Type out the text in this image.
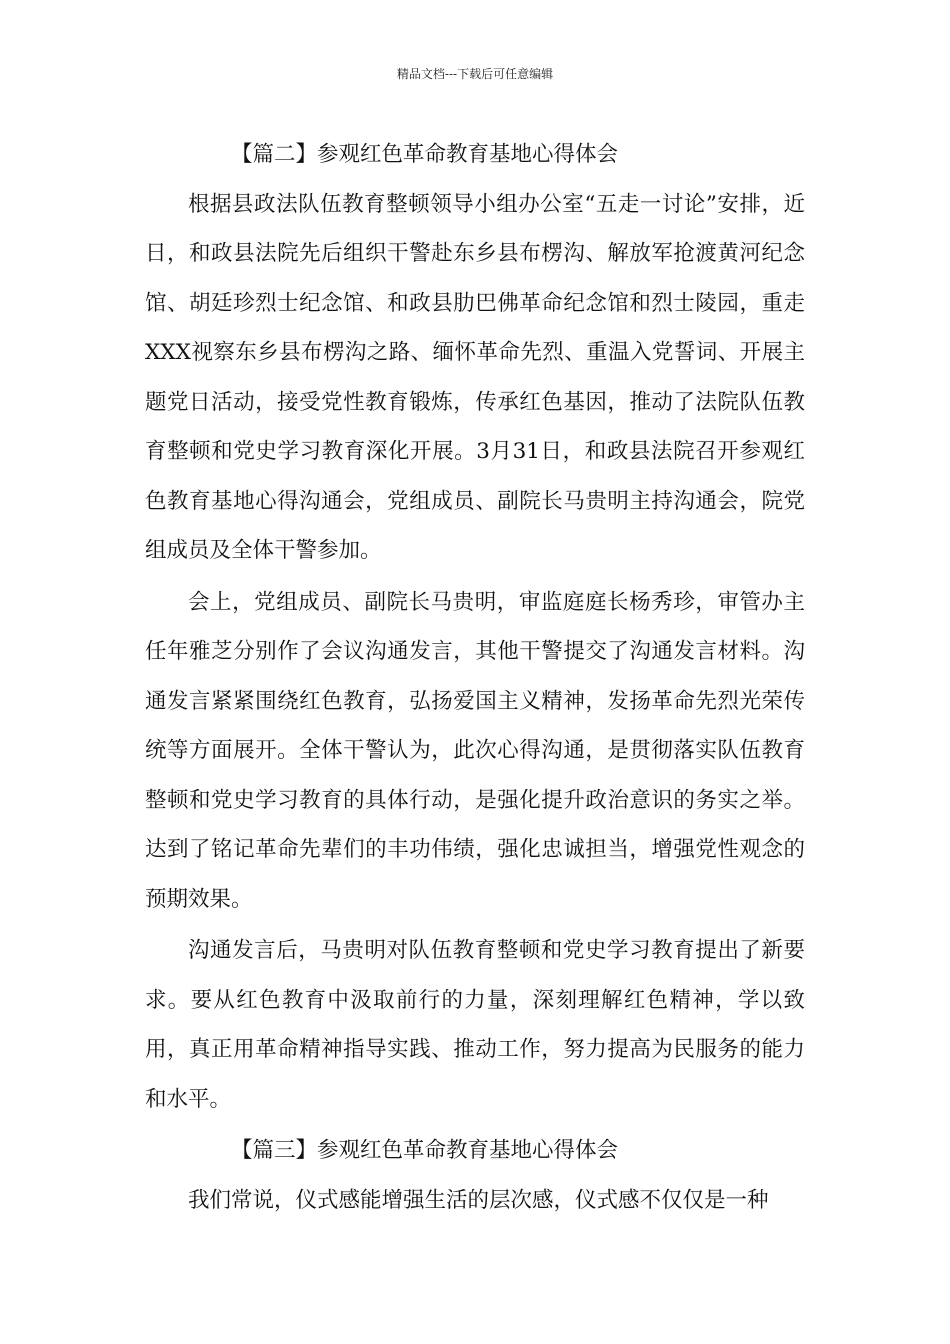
精品文档---下载后可任意编辑
【篇二】参观红色革命教育基地心得体会

根据县政法队伍教育整顿领导小组办公室“五走一讨论”安排，近日，和政县法院先后组织干警赴东乡县布楞沟、解放军抢渡黄河纪念馆、胡廷珍烈士纪念馆、和政县肋巴佛革命纪念馆和烈士陵园，重走XXX视察东乡县布楞沟之路、缅怀革命先烈、重温入党誓词、开展主题党日活动，接受党性教育锻炼，传承红色基因，推动了法院队伍教育整顿和党史学习教育深化开展。3月31日，和政县法院召开参观红色教育基地心得沟通会，党组成员、副院长马贵明主持沟通会，院党组成员及全体干警参加。

会上，党组成员、副院长马贵明，审监庭庭长杨秀珍，审管办主任年雅芝分别作了会议沟通发言，其他干警提交了沟通发言材料。沟通发言紧紧围绕红色教育，弘扬爱国主义精神，发扬革命先烈光荣传统等方面展开。全体干警认为，此次心得沟通，是贯彻落实队伍教育整顿和党史学习教育的具体行动，是强化提升政治意识的务实之举。达到了铭记革命先辈们的丰功伟绩，强化忠诚担当，增强党性观念的预期效果。

沟通发言后，马贵明对队伍教育整顿和党史学习教育提出了新要求。要从红色教育中汲取前行的力量，深刻理解红色精神，学以致用，真正用革命精神指导实践、推动工作，努力提高为民服务的能力和水平。

【篇三】参观红色革命教育基地心得体会

我们常说，仪式感能增强生活的层次感，仪式感不仅仅是一种
